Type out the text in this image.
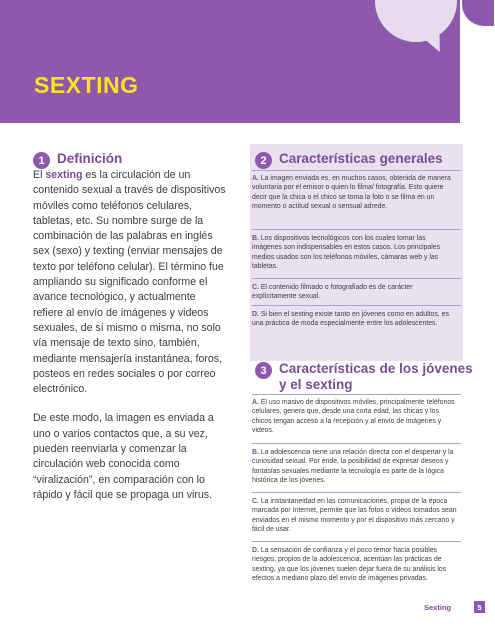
SEXTING
1 Definición

El sexting es la circulación de un contenido sexual a través de dispositivos móviles como teléfonos celulares, tabletas, etc. Su nombre surge de la combinación de las palabras en inglés sex (sexo) y texting (enviar mensajes de texto por teléfono celular). El término fue ampliando su significado conforme el avance tecnológico, y actualmente refiere al envío de imágenes y videos sexuales, de sí mismo o misma, no solo vía mensaje de texto sino, también, mediante mensajería instantánea, foros, posteos en redes sociales o por correo electrónico.

De este modo, la imagen es enviada a uno o varios contactos que, a su vez, pueden reenviarla y comenzar la circulación web conocida como “viralización”, en comparación con lo rápido y fácil que se propaga un virus.

2 Características generales
A. La imagen enviada es, en muchos casos, obtenida de manera voluntaria por el emisor o quien lo filma/ fotografía. Esto quiere decir que la chica o el chico se toma la foto o se filma en un momento o actitud sexual o sensual adrede.
B. Los dispositivos tecnológicos con los cuales tomar las imágenes son indispensables en estos casos. Los principales medios usados son los teléfonos móviles, cámaras web y las tabletas.
C. El contenido filmado o fotografiado es de carácter explícitamente sexual.
D. Si bien el sexting existe tanto en jóvenes como en adultos, es una práctica de moda especialmente entre los adolescentes.
3 Características de los jóvenes
y el sexting
A. El uso masivo de dispositivos móviles, principalmente teléfonos celulares, genera que, desde una corta edad, las chicas y los chicos tengan acceso a la recepción y al envío de imágenes y videos.
B. La adolescencia tiene una relación directa con el despertar y la curiosidad sexual. Por ende, la posibilidad de expresar deseos y fantasías sexuales mediante la tecnología es parte de la lógica histórica de los jóvenes.
C. La instantaneidad en las comunicaciones, propia de la época marcada por Internet, permite que las fotos o videos tomados sean enviados en el mismo momento y por el dispositivo más cercano y fácil de usar.
D. La sensación de confianza y el poco temor hacia posibles riesgos, propios de la adolescencia, acentúan las prácticas de sexting, ya que los jóvenes suelen dejar fuera de su análisis los efectos a mediano plazo del envío de imágenes privadas.
Sexting	5
